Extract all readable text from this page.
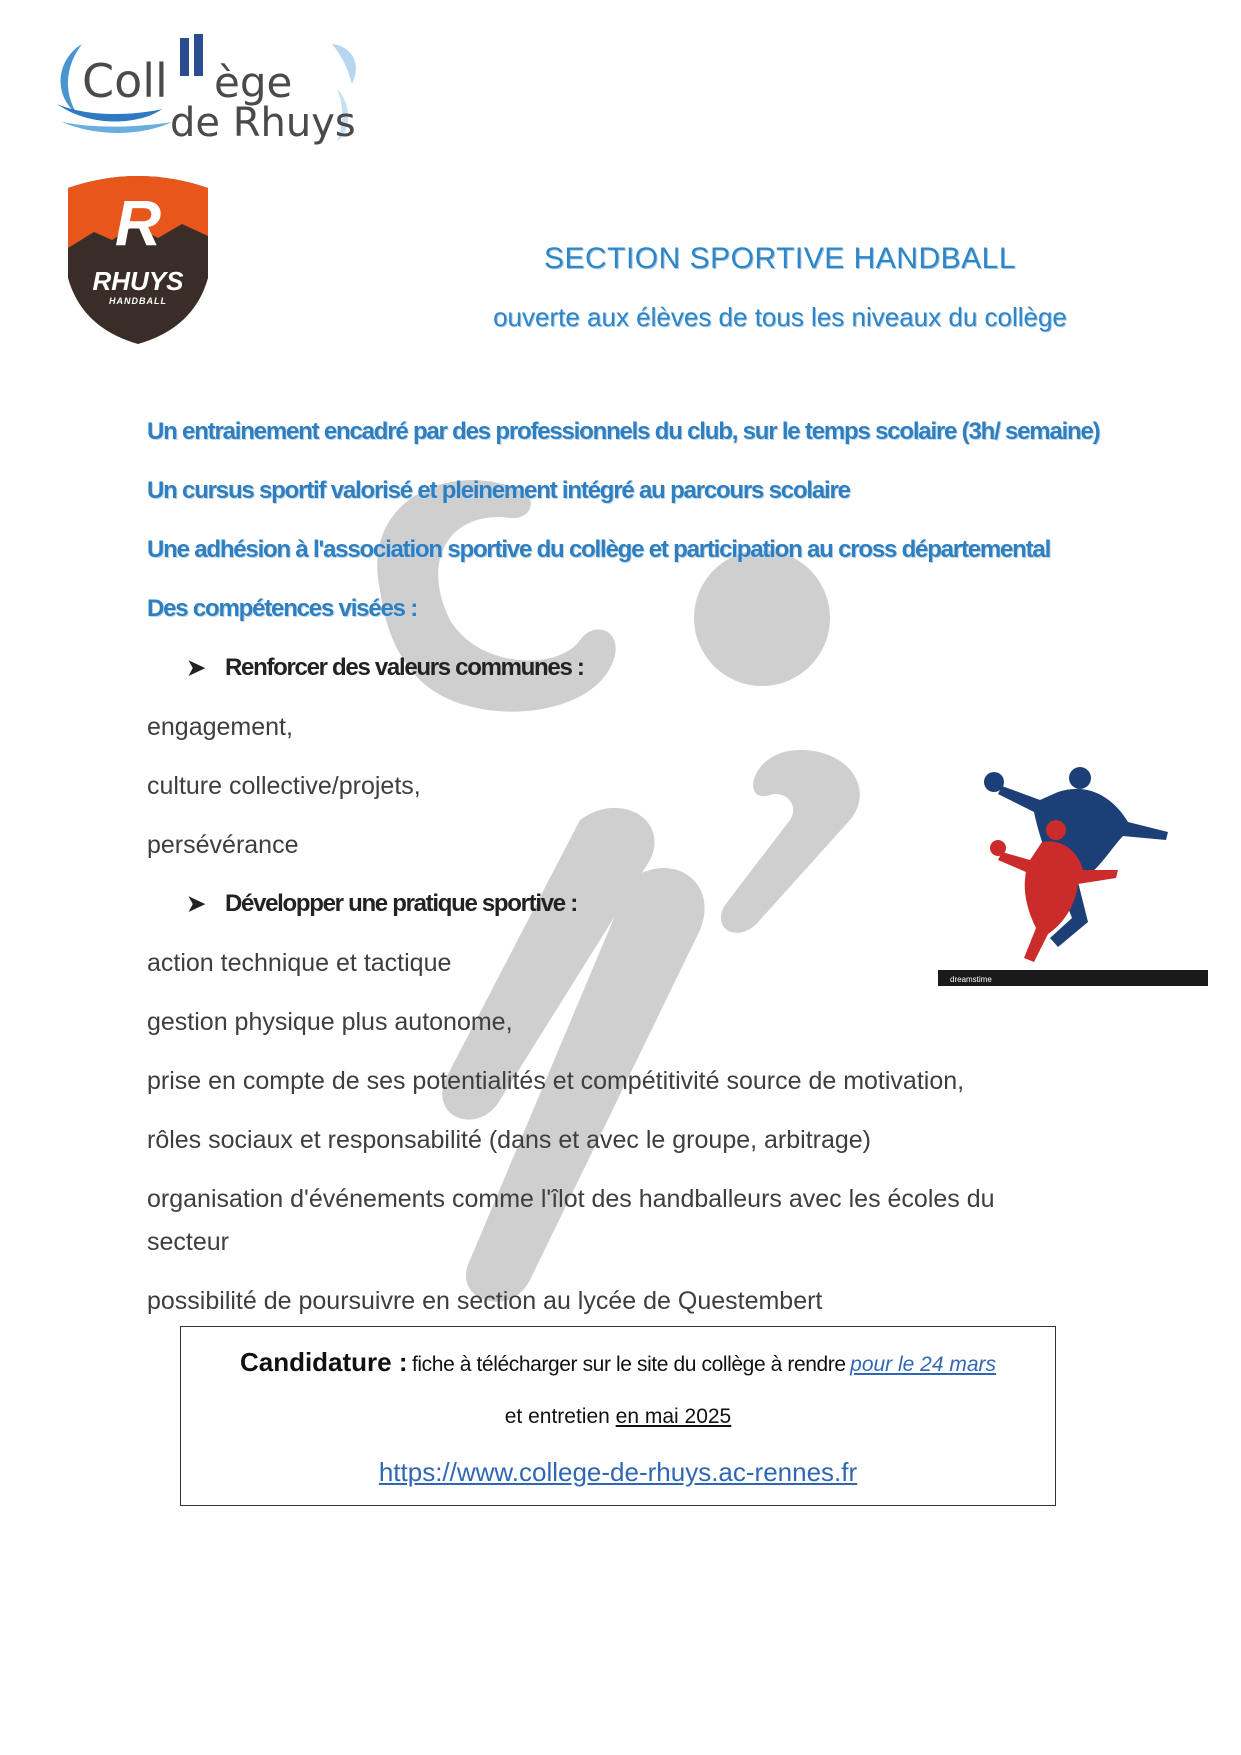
Coll ège
de Rhuys
R
RHUYS
HANDBALL
SECTION SPORTIVE HANDBALL
ouverte aux élèves de tous les niveaux du collège
Un entrainement encadré par des professionnels du club, sur le temps scolaire (3h/ semaine)
Un cursus sportif valorisé et pleinement intégré au parcours scolaire
Une adhésion à l'association sportive du collège et participation au cross départemental
Des compétences visées :
➤ Renforcer des valeurs communes :
engagement,
culture collective/projets,
persévérance
➤ Développer une pratique sportive :
action technique et tactique
gestion physique plus autonome,
prise en compte de ses potentialités et compétitivité source de motivation,
rôles sociaux et responsabilité (dans et avec le groupe, arbitrage)
organisation d'événements comme l'îlot des handballeurs avec les écoles du
secteur
possibilité de poursuivre en section au lycée de Questembert
dreamstime
Candidature : fiche à télécharger sur le site du collège à rendre pour le 24 mars
et entretien en mai 2025
https://www.college-de-rhuys.ac-rennes.fr
